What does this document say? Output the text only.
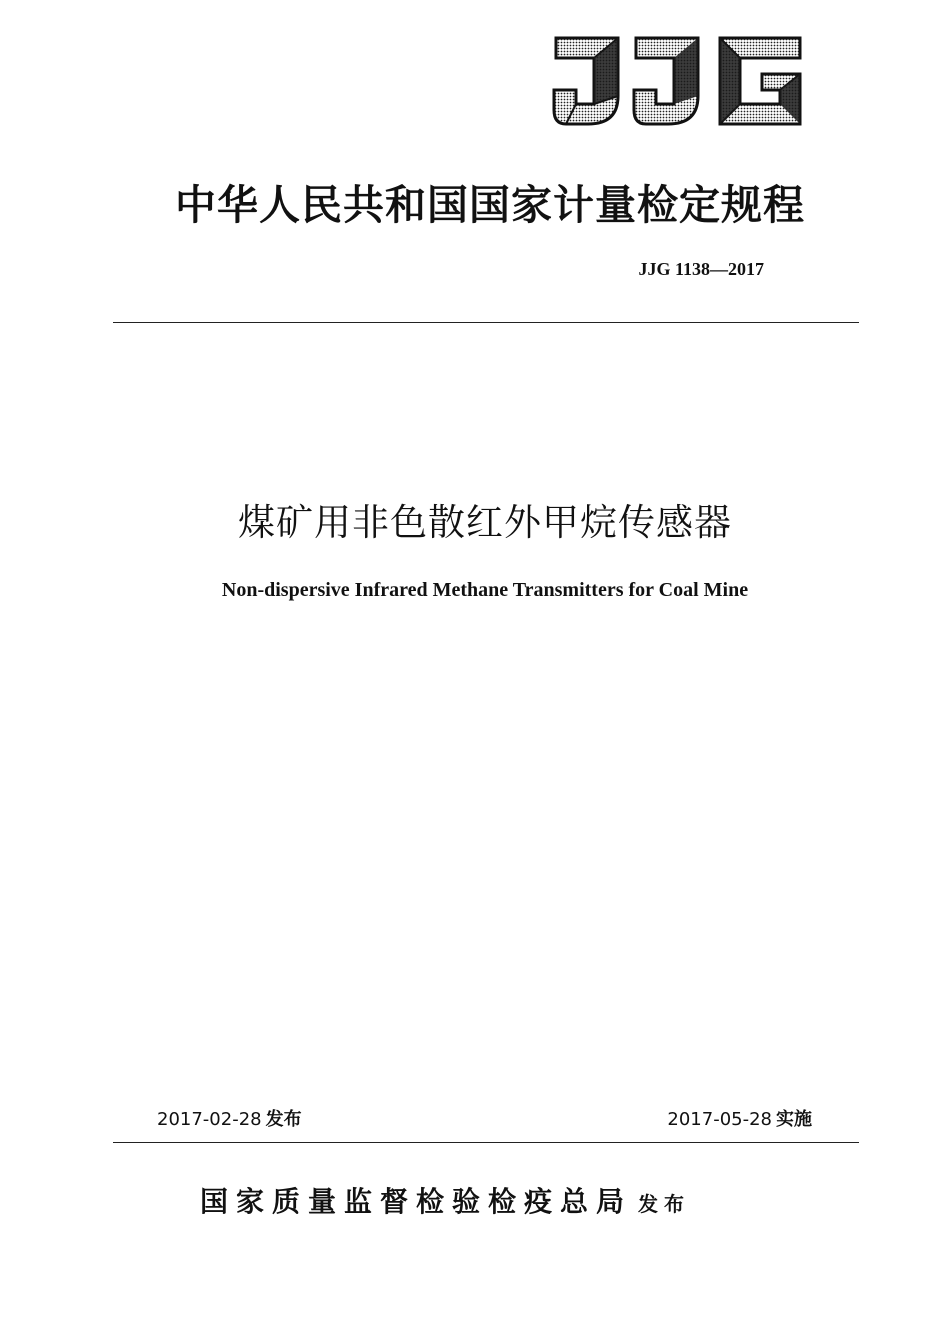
中华人民共和国国家计量检定规程
JJG 1138—2017
煤矿用非色散红外甲烷传感器
Non-dispersive Infrared Methane Transmitters for Coal Mine
2017-02-28 发布	2017-05-28 实施
国家质量监督检验检疫总局 发布
